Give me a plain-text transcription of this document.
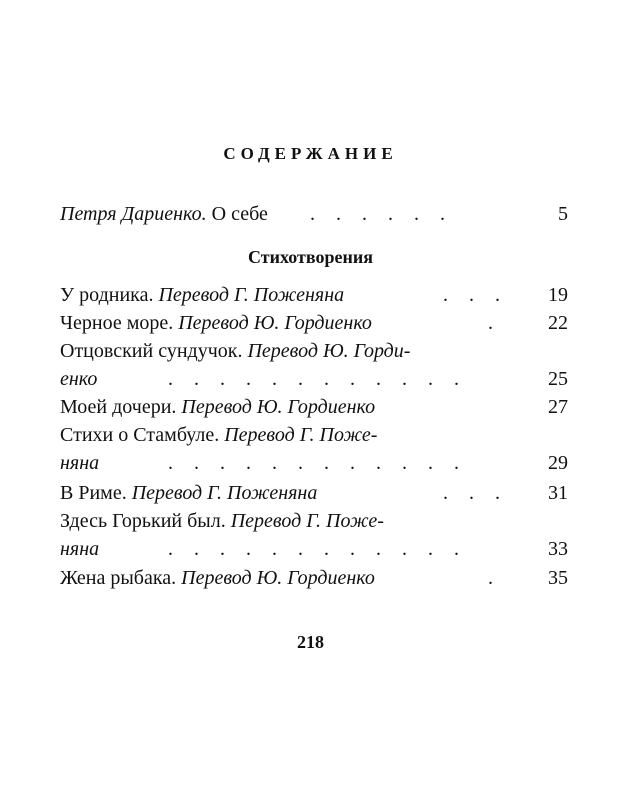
СОДЕРЖАНИЕ
Петря Дариенко. О себе . . . . . .	5
Стихотворения
У родника. Перевод Г. Поженяна	. . . 19
Черное море. Перевод Ю. Гордиенко	. 22
Отцовский сундучок. Перевод Ю. Горди-
енко	. . . . . . . . . . . .	25
Моей дочери. Перевод Ю. Гордиенко	27
Стихи о Стамбуле. Перевод Г. Поже-
няна	. . . . . . . . . . . .	29
В Риме. Перевод Г. Поженяна	. . . 31
Здесь Горький был. Перевод Г. Поже-
няна	. . . . . . . . . . . .	33
Жена рыбака. Перевод Ю. Гордиенко	. 35
218
